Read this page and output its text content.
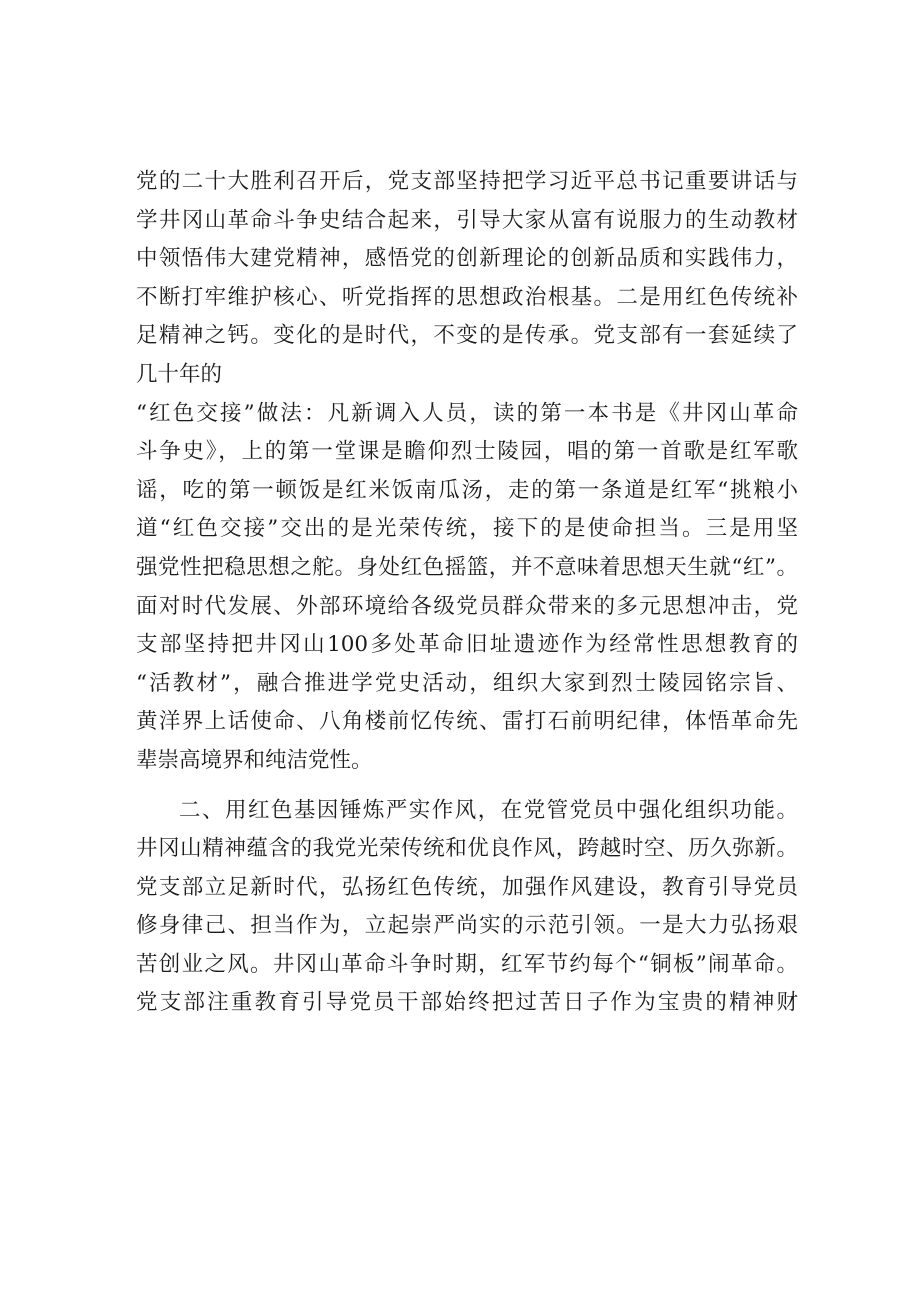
党的二十大胜利召开后，党支部坚持把学习近平总书记重要讲话与
学井冈山革命斗争史结合起来，引导大家从富有说服力的生动教材
中领悟伟大建党精神，感悟党的创新理论的创新品质和实践伟力，
不断打牢维护核心、听党指挥的思想政治根基。二是用红色传统补
足精神之钙。变化的是时代，不变的是传承。党支部有一套延续了
几十年的
“红色交接”做法：凡新调入人员，读的第一本书是《井冈山革命
斗争史》，上的第一堂课是瞻仰烈士陵园，唱的第一首歌是红军歌
谣，吃的第一顿饭是红米饭南瓜汤，走的第一条道是红军“挑粮小
道“红色交接”交出的是光荣传统，接下的是使命担当。三是用坚
强党性把稳思想之舵。身处红色摇篮，并不意味着思想天生就“红”。
面对时代发展、外部环境给各级党员群众带来的多元思想冲击，党
支部坚持把井冈山100多处革命旧址遗迹作为经常性思想教育的
“活教材”，融合推进学党史活动，组织大家到烈士陵园铭宗旨、
黄洋界上话使命、八角楼前忆传统、雷打石前明纪律，体悟革命先
辈崇高境界和纯洁党性。
二、用红色基因锤炼严实作风，在党管党员中强化组织功能。
井冈山精神蕴含的我党光荣传统和优良作风，跨越时空、历久弥新。
党支部立足新时代，弘扬红色传统，加强作风建设，教育引导党员
修身律己、担当作为，立起崇严尚实的示范引领。一是大力弘扬艰
苦创业之风。井冈山革命斗争时期，红军节约每个“铜板”闹革命。
党支部注重教育引导党员干部始终把过苦日子作为宝贵的精神财
